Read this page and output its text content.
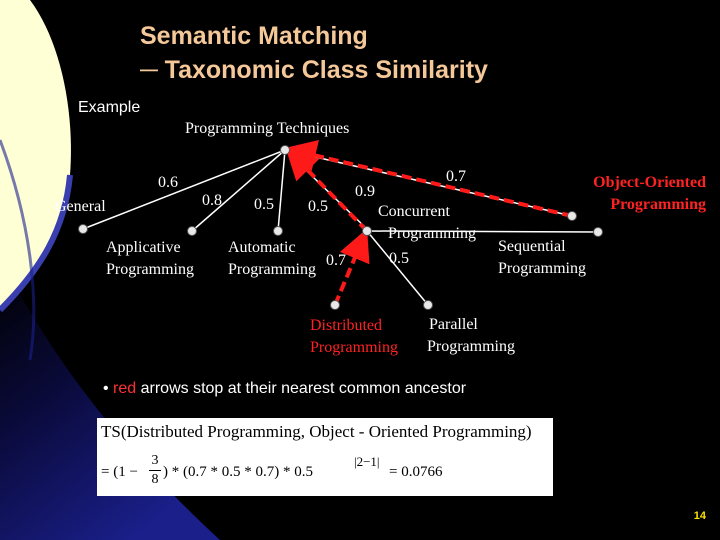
Semantic Matching
─ Taxonomic Class Similarity
Example
Programming Techniques
General
Applicative
Programming
Automatic
Programming
Concurrent
Programming
Object-Oriented
Programming
Sequential
Programming
Distributed
Programming
Parallel
Programming
0.6
0.8 0.5 0.5
0.9
0.7
0.7	0.5
• red arrows stop at their nearest common ancestor
TS(Distributed Programming, Object - Oriented Programming)
= ($1 - \frac{3}{8}$ ) * (0.7 * 0.5 * 0.7) * 0.5
|2−1|
= 0.0766
14
